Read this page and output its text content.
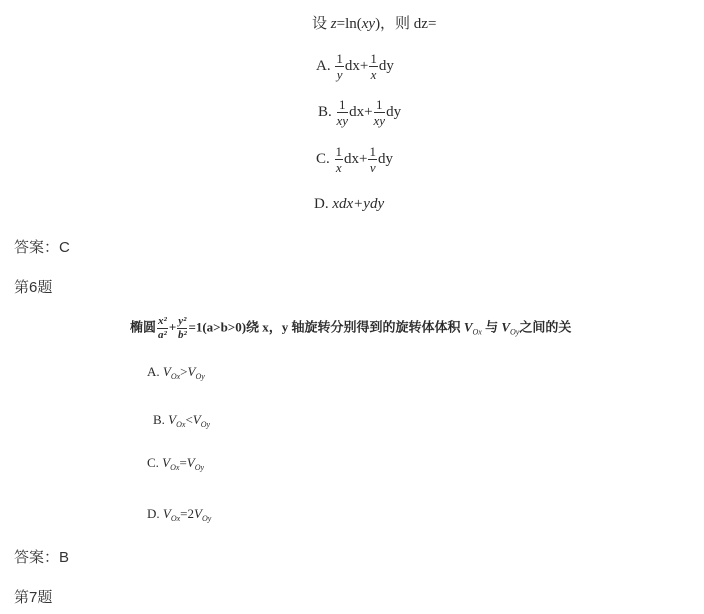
设 z=ln(xy)，则 dz=
A. $\frac{1}{y} dx+ \frac{1}{x}$ dy
B. $\frac{1}{xy} dx+ \frac{1}{xy}$ dy
C. $\frac{1}{x} dx+ \frac{1}{v}$ dy
D. xdx+ydy
答案：C
第6题
椭圆 $\frac{\text{x²}}{\text{a²}} + \frac{\text{y²}}{\text{b²}} =1(a>b>0)$绕 x，y 轴旋转分别得到的旋转体体积 $V_{Ox}$ 与 $V_{Oy}$之间的关
A. $V_{Ox}>V_{Oy}$
B. $V_{Ox}<V_{Oy}$
C. $V_{Ox}=V_{Oy}$
D. $V_{Ox}=2V_{Oy}$
答案：B
第7题
